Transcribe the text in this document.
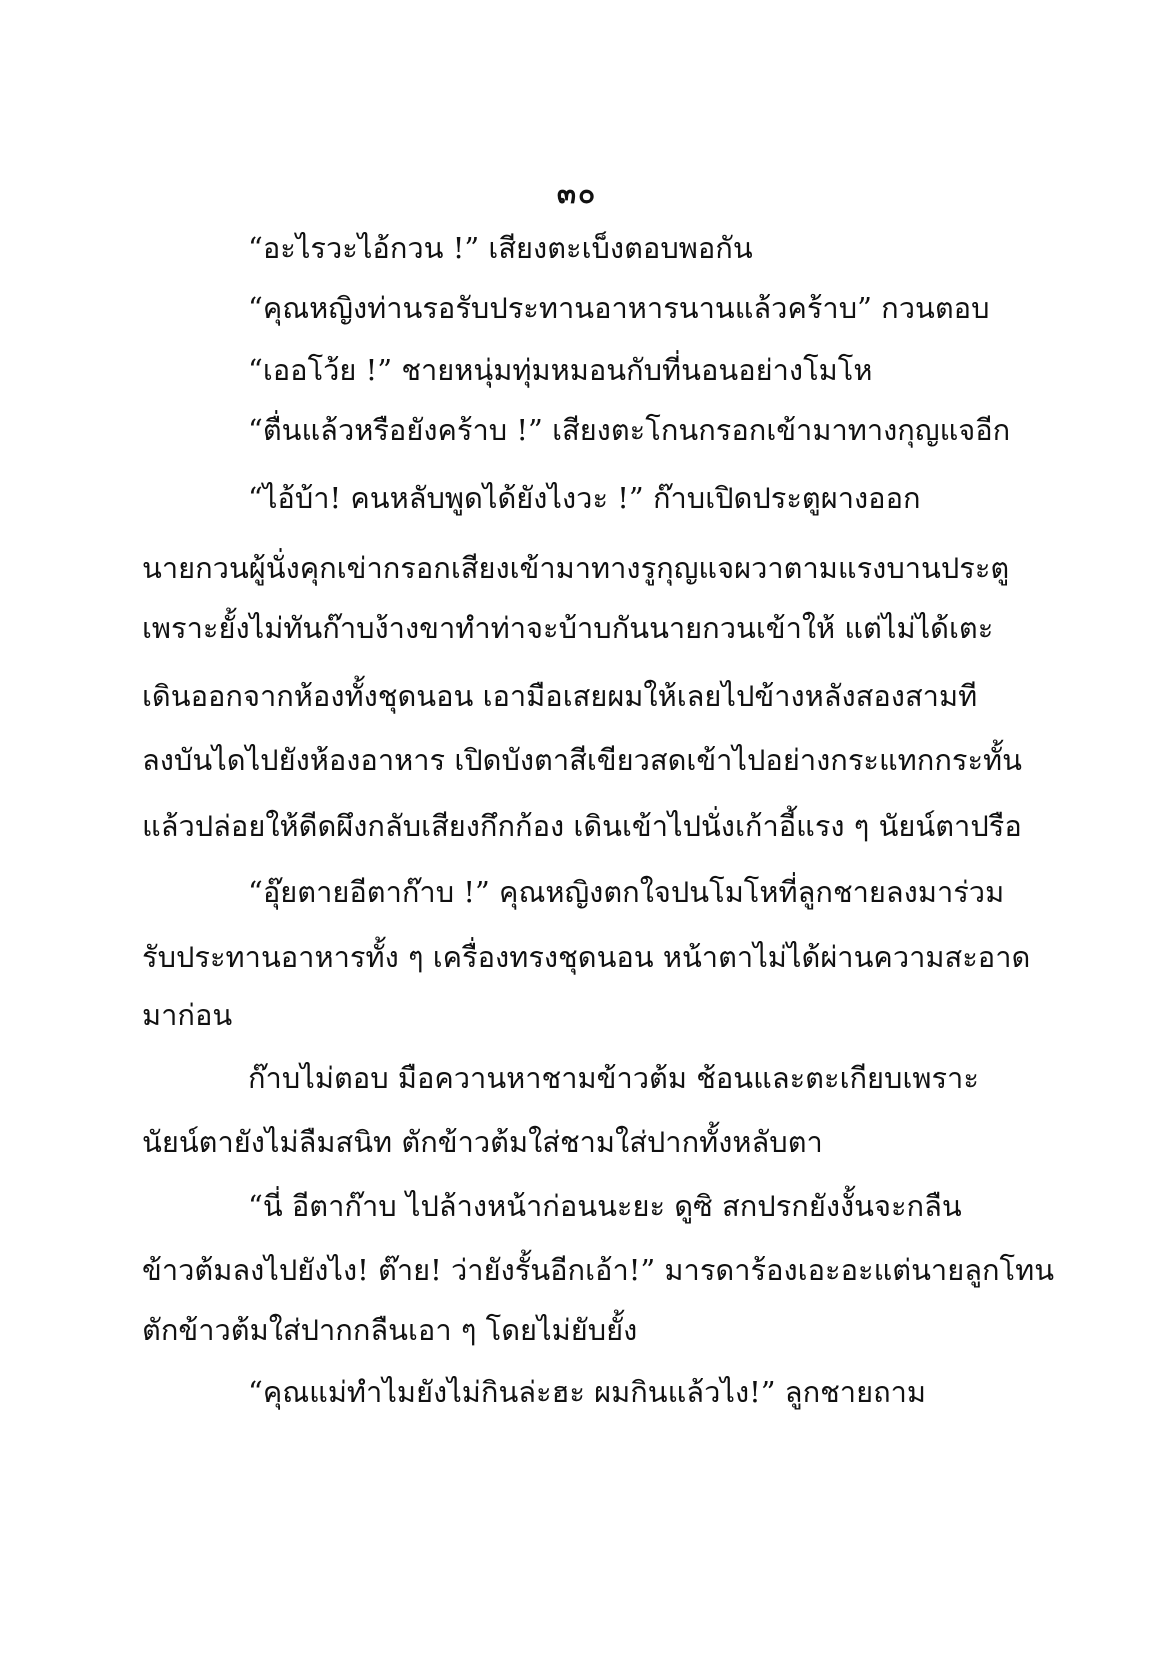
๓๐
“อะไรวะไอ้กวน !” เสียงตะเบ็งตอบพอกัน
“คุณหญิงท่านรอรับประทานอาหารนานแล้วคร้าบ” กวนตอบ
“เออโว้ย !” ชายหนุ่มทุ่มหมอนกับที่นอนอย่างโมโห
“ตื่นแล้วหรือยังคร้าบ !” เสียงตะโกนกรอกเข้ามาทางกุญแจอีก
“ไอ้บ้า! คนหลับพูดได้ยังไงวะ !” ก๊าบเปิดประตูผางออก
นายกวนผู้นั่งคุกเข่ากรอกเสียงเข้ามาทางรูกุญแจผวาตามแรงบานประตู
เพราะยั้งไม่ทันก๊าบง้างขาทำท่าจะบ้าบกันนายกวนเข้าให้ แต่ไม่ได้เตะ
เดินออกจากห้องทั้งชุดนอน เอามือเสยผมให้เลยไปข้างหลังสองสามที
ลงบันไดไปยังห้องอาหาร เปิดบังตาสีเขียวสดเข้าไปอย่างกระแทกกระทั้น
แล้วปล่อยให้ดีดผึงกลับเสียงกึกก้อง เดินเข้าไปนั่งเก้าอี้แรง ๆ นัยน์ตาปรือ
“อุ๊ยตายอีตาก๊าบ !” คุณหญิงตกใจปนโมโหที่ลูกชายลงมาร่วม
รับประทานอาหารทั้ง ๆ เครื่องทรงชุดนอน หน้าตาไม่ได้ผ่านความสะอาด
มาก่อน
ก๊าบไม่ตอบ มือควานหาชามข้าวต้ม ช้อนและตะเกียบเพราะ
นัยน์ตายังไม่ลืมสนิท ตักข้าวต้มใส่ชามใส่ปากทั้งหลับตา
“นี่ อีตาก๊าบ ไปล้างหน้าก่อนนะยะ ดูซิ สกปรกยังงั้นจะกลืน
ข้าวต้มลงไปยังไง! ต๊าย! ว่ายังรั้นอีกเอ้า!” มารดาร้องเอะอะแต่นายลูกโทน
ตักข้าวต้มใส่ปากกลืนเอา ๆ โดยไม่ยับยั้ง
“คุณแม่ทำไมยังไม่กินล่ะฮะ ผมกินแล้วไง!” ลูกชายถาม
